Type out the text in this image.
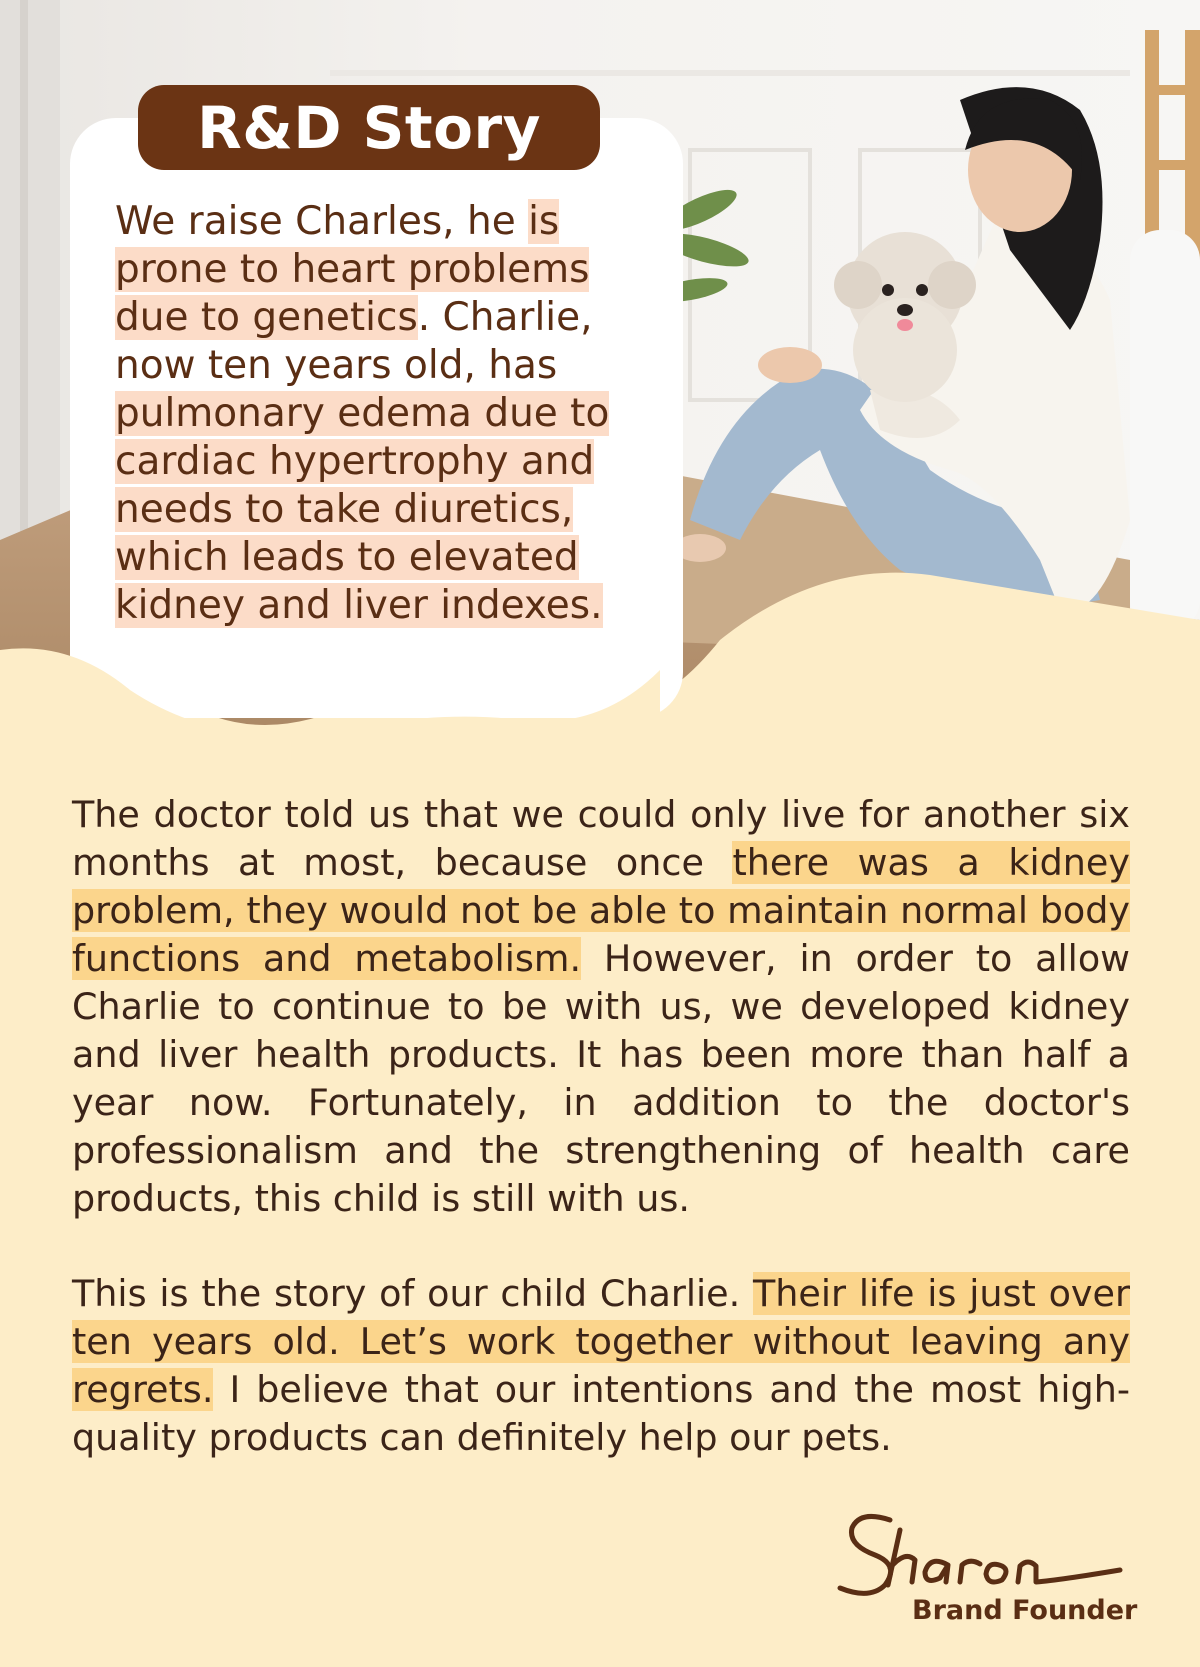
R&D Story

We raise Charles, he is prone to heart problems due to genetics. Charlie, now ten years old, has pulmonary edema due to cardiac hypertrophy and needs to take diuretics, which leads to elevated kidney and liver indexes.

The doctor told us that we could only live for another six months at most, because once there was a kidney problem, they would not be able to maintain normal body functions and metabolism. However, in order to allow Charlie to continue to be with us, we developed kidney and liver health products. It has been more than half a year now. Fortunately, in addition to the doctor's professionalism and the strengthening of health care products, this child is still with us.

This is the story of our child Charlie. Their life is just over ten years old. Let’s work together without leaving any regrets. I believe that our intentions and the most high-quality products can definitely help our pets.

Brand Founder
